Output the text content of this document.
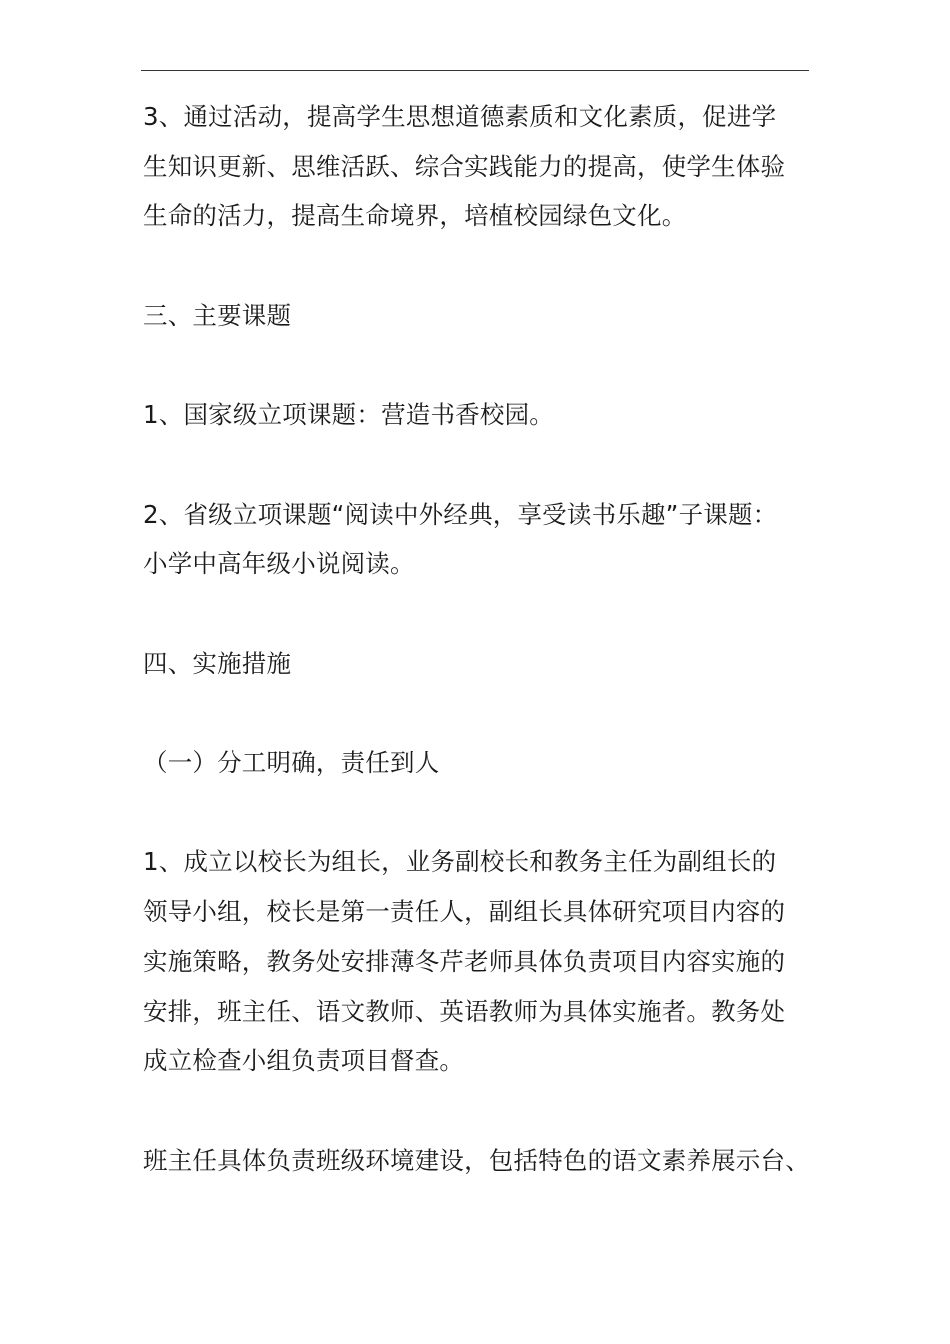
3、通过活动，提高学生思想道德素质和文化素质，促进学
生知识更新、思维活跃、综合实践能力的提高，使学生体验
生命的活力，提高生命境界，培植校园绿色文化。

三、主要课题

1、国家级立项课题：营造书香校园。

2、省级立项课题“阅读中外经典，享受读书乐趣”子课题：
小学中高年级小说阅读。

四、实施措施

（一）分工明确，责任到人

1、成立以校长为组长，业务副校长和教务主任为副组长的
领导小组，校长是第一责任人，副组长具体研究项目内容的
实施策略，教务处安排薄冬芹老师具体负责项目内容实施的
安排，班主任、语文教师、英语教师为具体实施者。教务处
成立检查小组负责项目督查。

班主任具体负责班级环境建设，包括特色的语文素养展示台、
